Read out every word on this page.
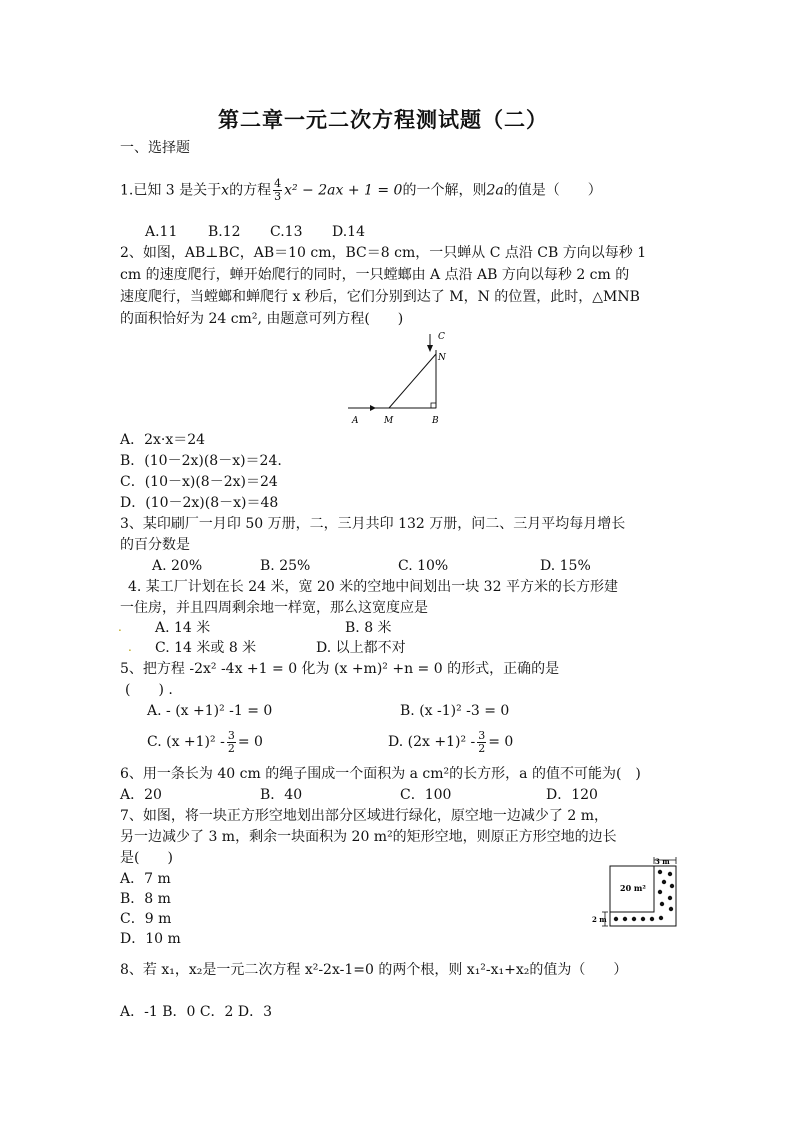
第二章一元二次方程测试题（二）
一、选择题
1.已知 3 是关于x的方程 $\frac{4}{3} x^2 - 2ax + 1 = 0$的一个解，则2a的值是（　　）
A.11 B.12 C.13 D.14
2、如图，AB⊥BC，AB＝10 cm，BC＝8 cm，一只蝉从 C 点沿 CB 方向以每秒 1
cm 的速度爬行，蝉开始爬行的同时，一只螳螂由 A 点沿 AB 方向以每秒 2 cm 的
速度爬行，当螳螂和蝉爬行 x 秒后，它们分别到达了 M，N 的位置，此时，△MNB
的面积恰好为 24 cm², 由题意可列方程(　　)
A	M	B
C
N
A．2x·x＝24
B．(10－2x)(8－x)＝24.
C．(10－x)(8－2x)＝24
D．(10－2x)(8－x)＝48
3、某印刷厂一月印 50 万册，二，三月共印 132 万册，问二、三月平均每月增长
的百分数是
A. 20%	B. 25%	C. 10%	D. 15%
4. 某工厂计划在长 24 米，宽 20 米的空地中间划出一块 32 平方米的长方形建
一住房，并且四周剩余地一样宽，那么这宽度应是
. A. 14 米	B. 8 米
. C. 14 米或 8 米	D. 以上都不对
5、把方程 -2x² -4x +1 = 0 化为 (x +m)² +n = 0 的形式，正确的是
(　　) .
A. - (x +1)² -1 = 0	B. (x -1)² -3 = 0
C. $(x +1)^2 - \frac{3}{2} = 0$	D. $(2x +1)^2 - \frac{3}{2} = 0$
6、用一条长为 40 cm 的绳子围成一个面积为 a cm²的长方形，a 的值不可能为(　)
A．20	B．40	C．100	D．120
7、如图，将一块正方形空地划出部分区域进行绿化，原空地一边减少了 2 m，
另一边减少了 3 m，剩余一块面积为 20 m²的矩形空地，则原正方形空地的边长
是(　　)
A．7 m
B．8 m
C．9 m
D．10 m
3 m
2 m
20 m²
8、若 x₁，x₂是一元二次方程 x²-2x-1=0 的两个根，则 x₁²-x₁+x₂的值为（　　）
A．-1 B．0 C．2 D．3
